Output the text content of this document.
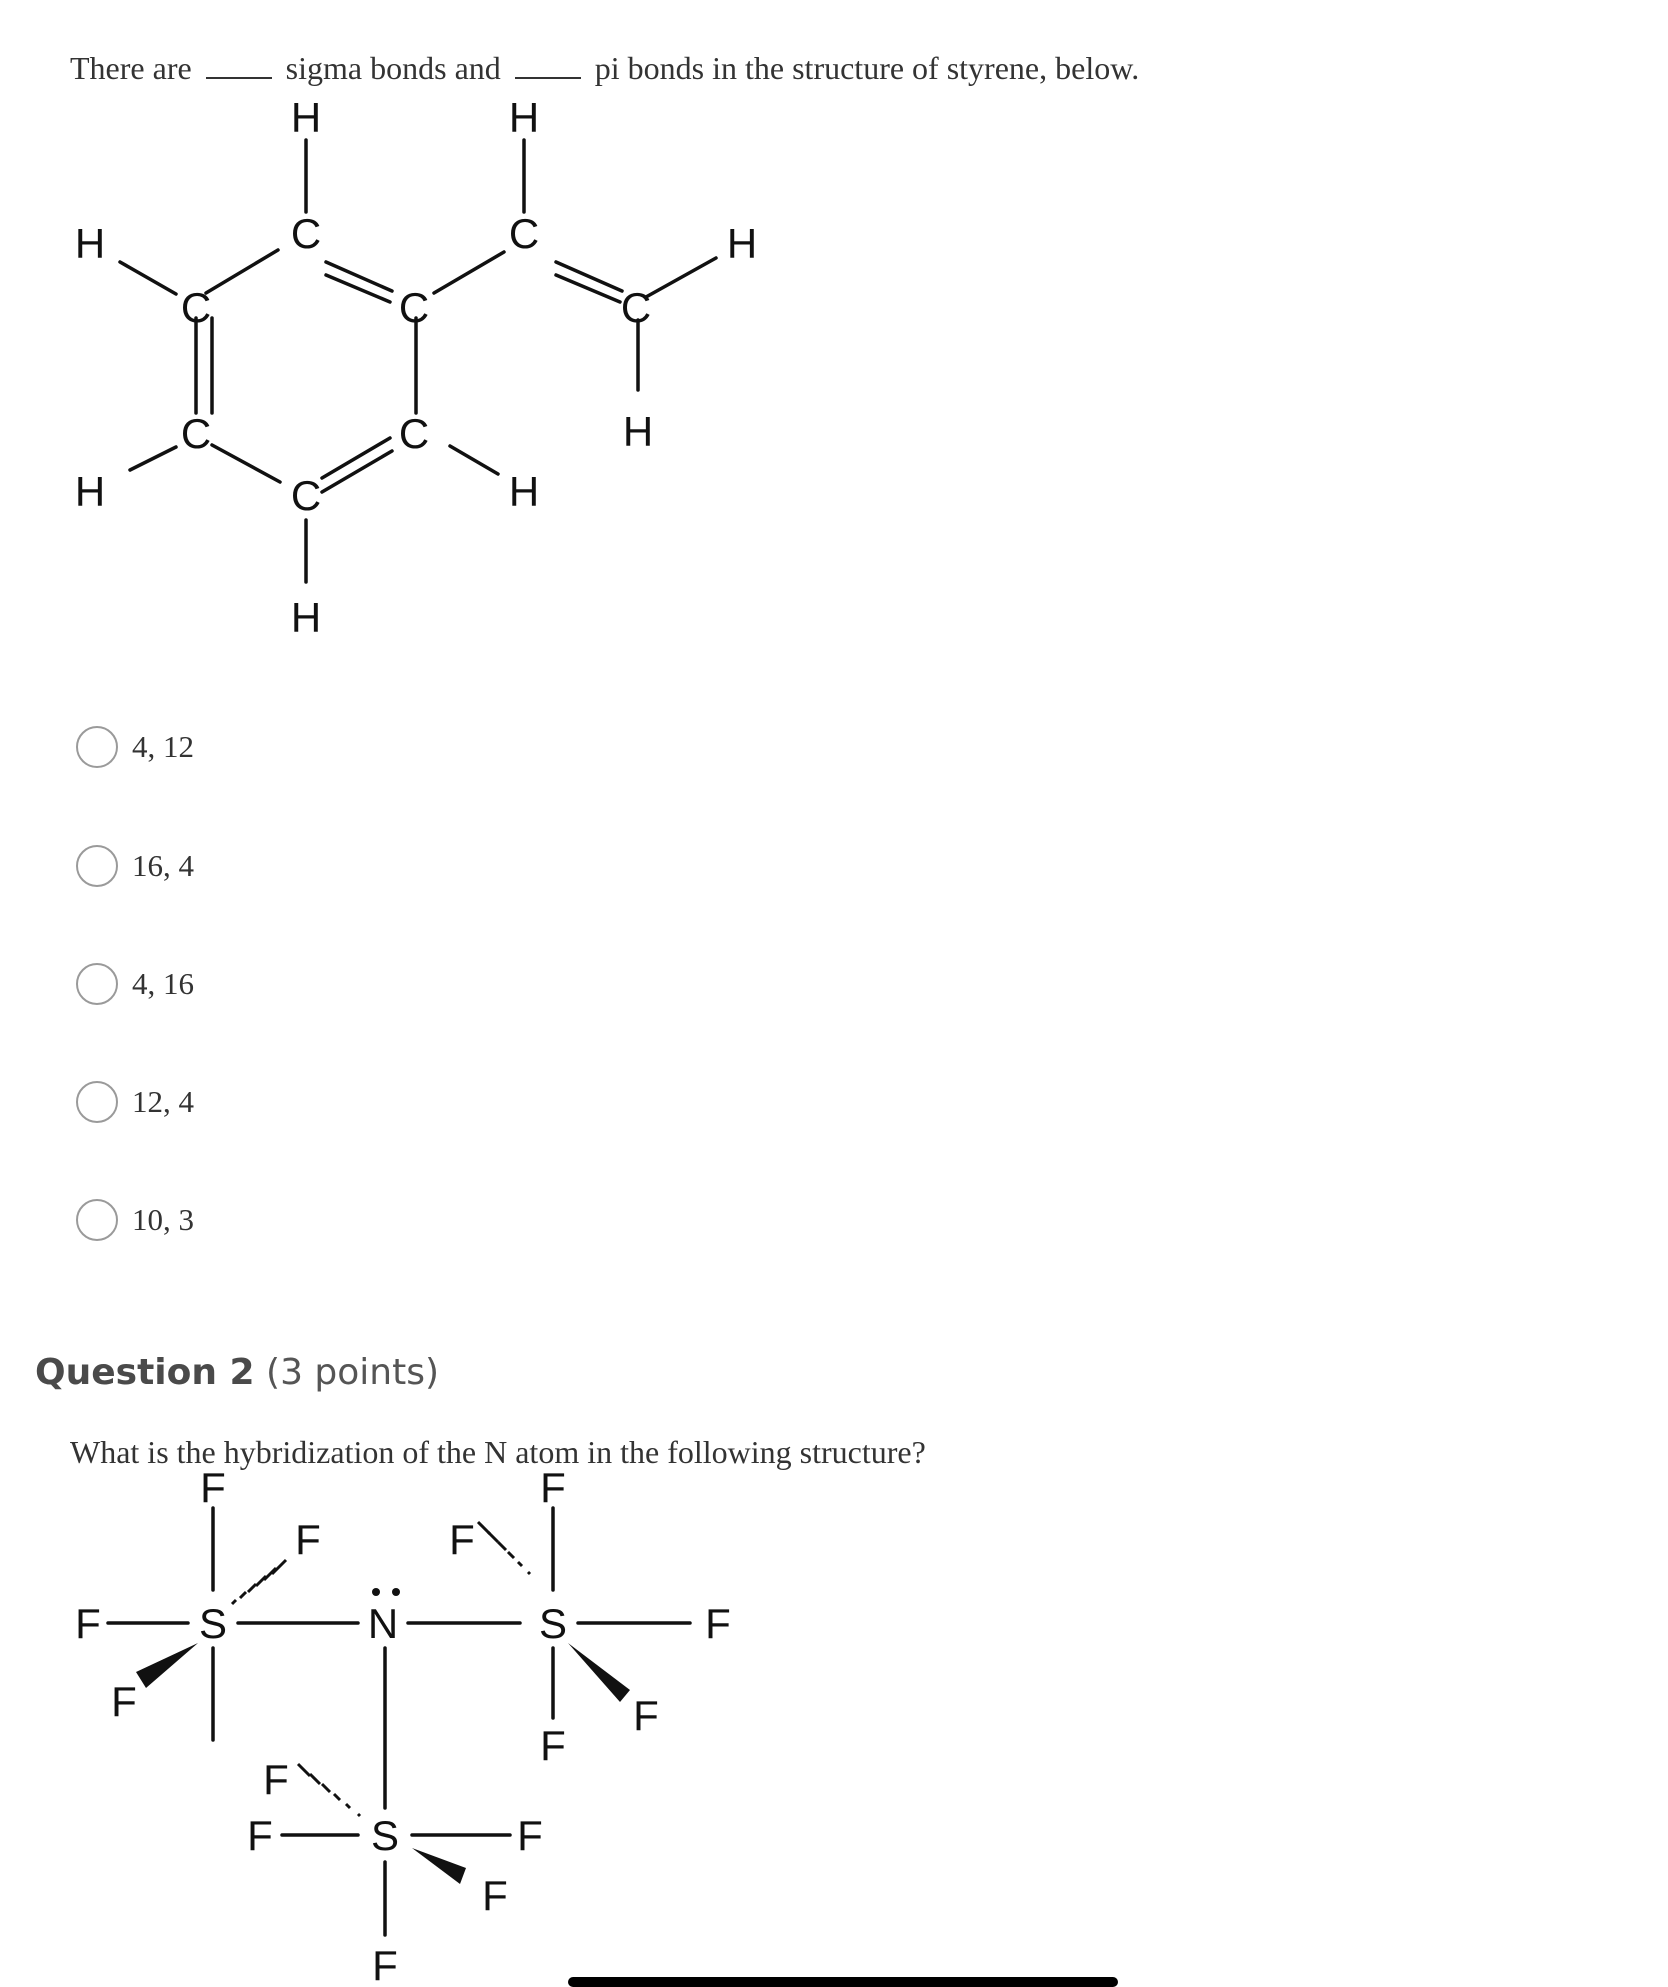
There are	sigma bonds and	pi bonds in the structure of styrene, below.
C	C
C	C	C
C	C
C
H	H
H	H
H
H	H
H
4, 12
16, 4
4, 16
12, 4
10, 3
Question 2 (3 points)
What is the hybridization of the N atom in the following structure?
N
S	S
S
F	F
F	F
F	F
F	F
F
F
F	F
F
F
